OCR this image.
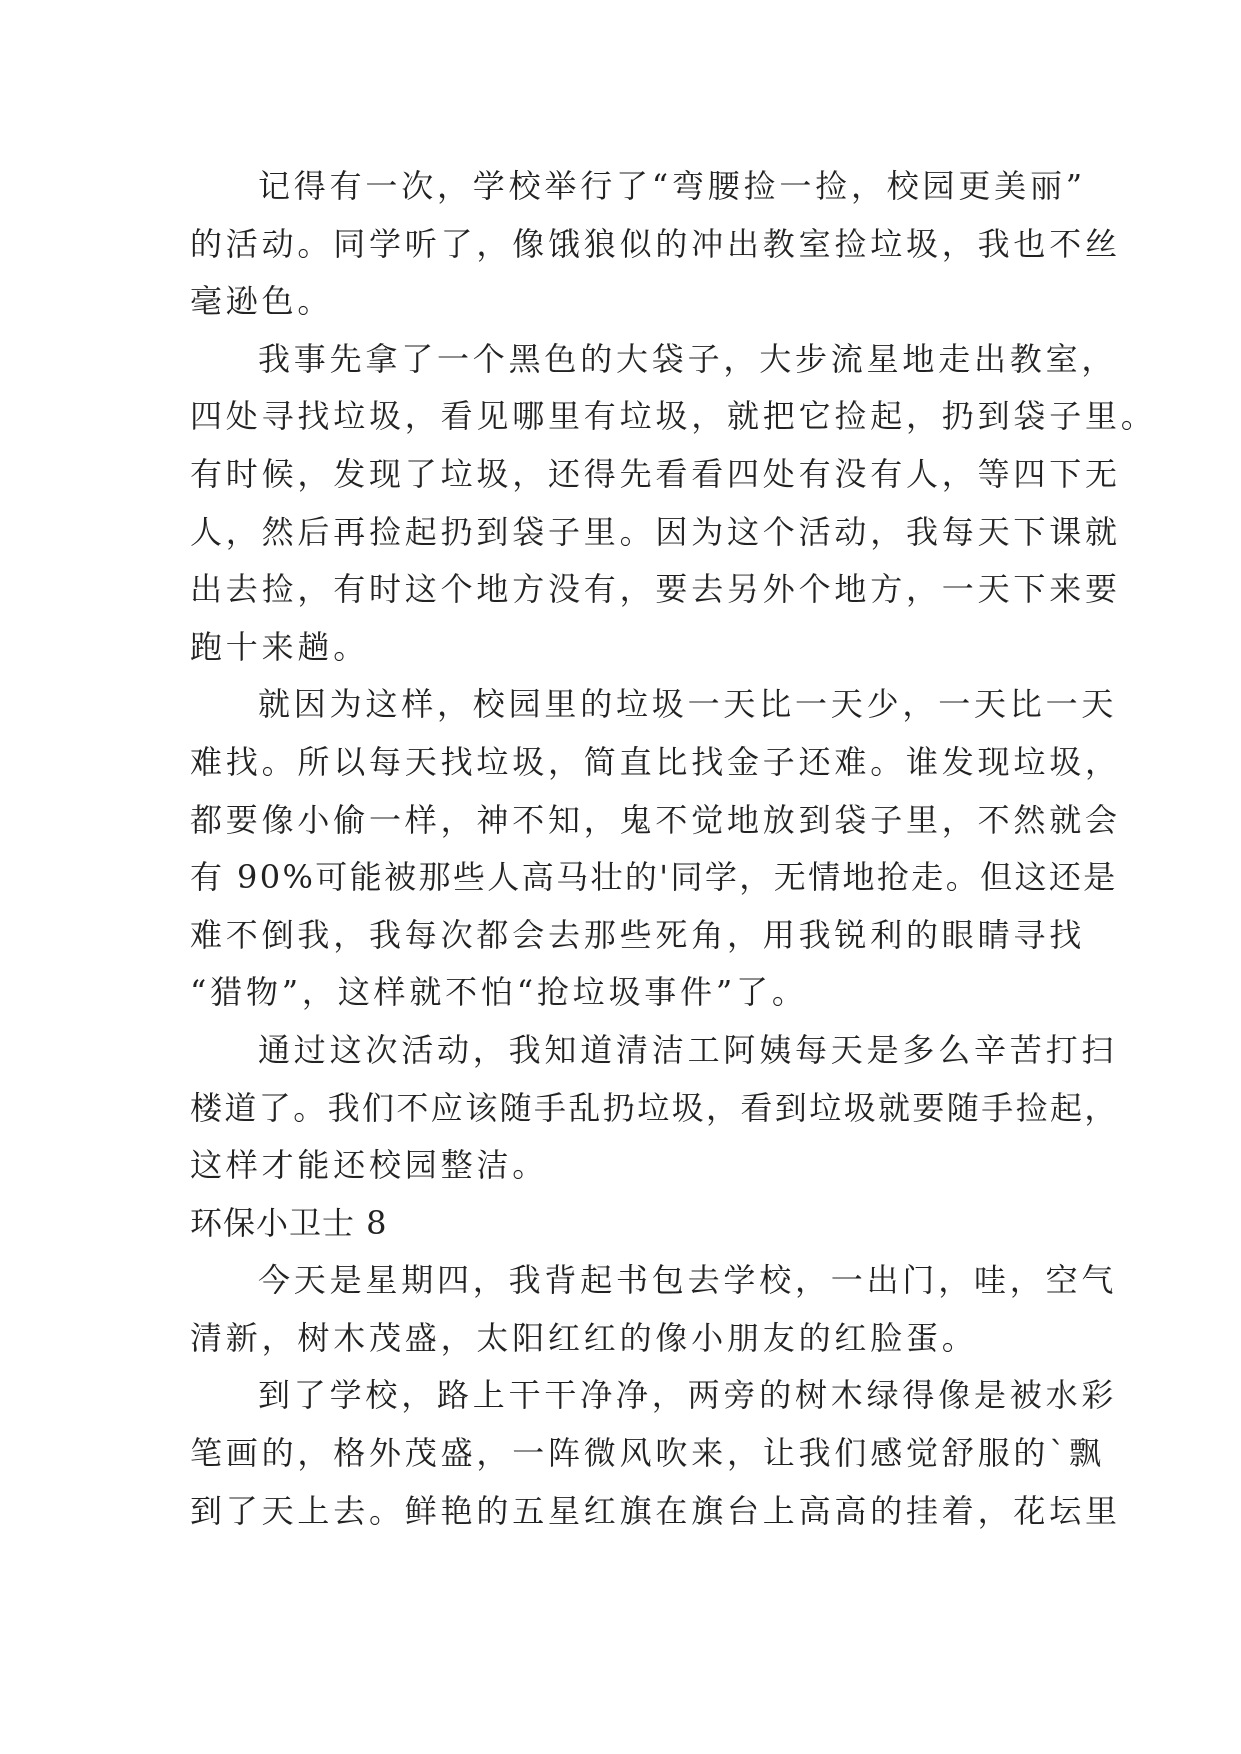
记得有一次，学校举行了“弯腰捡一捡，校园更美丽”
的活动。同学听了，像饿狼似的冲出教室捡垃圾，我也不丝
毫逊色。
我事先拿了一个黑色的大袋子，大步流星地走出教室，
四处寻找垃圾，看见哪里有垃圾，就把它捡起，扔到袋子里。
有时候，发现了垃圾，还得先看看四处有没有人，等四下无
人，然后再捡起扔到袋子里。因为这个活动，我每天下课就
出去捡，有时这个地方没有，要去另外个地方，一天下来要
跑十来趟。
就因为这样，校园里的垃圾一天比一天少，一天比一天
难找。所以每天找垃圾，简直比找金子还难。谁发现垃圾，
都要像小偷一样，神不知，鬼不觉地放到袋子里，不然就会
有 90%可能被那些人高马壮的'同学，无情地抢走。但这还是
难不倒我，我每次都会去那些死角，用我锐利的眼睛寻找
“猎物”，这样就不怕“抢垃圾事件”了。
通过这次活动，我知道清洁工阿姨每天是多么辛苦打扫
楼道了。我们不应该随手乱扔垃圾，看到垃圾就要随手捡起，
这样才能还校园整洁。
环保小卫士 8
今天是星期四，我背起书包去学校，一出门，哇，空气
清新，树木茂盛，太阳红红的像小朋友的红脸蛋。
到了学校，路上干干净净，两旁的树木绿得像是被水彩
笔画的，格外茂盛，一阵微风吹来，让我们感觉舒服的`飘
到了天上去。鲜艳的五星红旗在旗台上高高的挂着，花坛里
